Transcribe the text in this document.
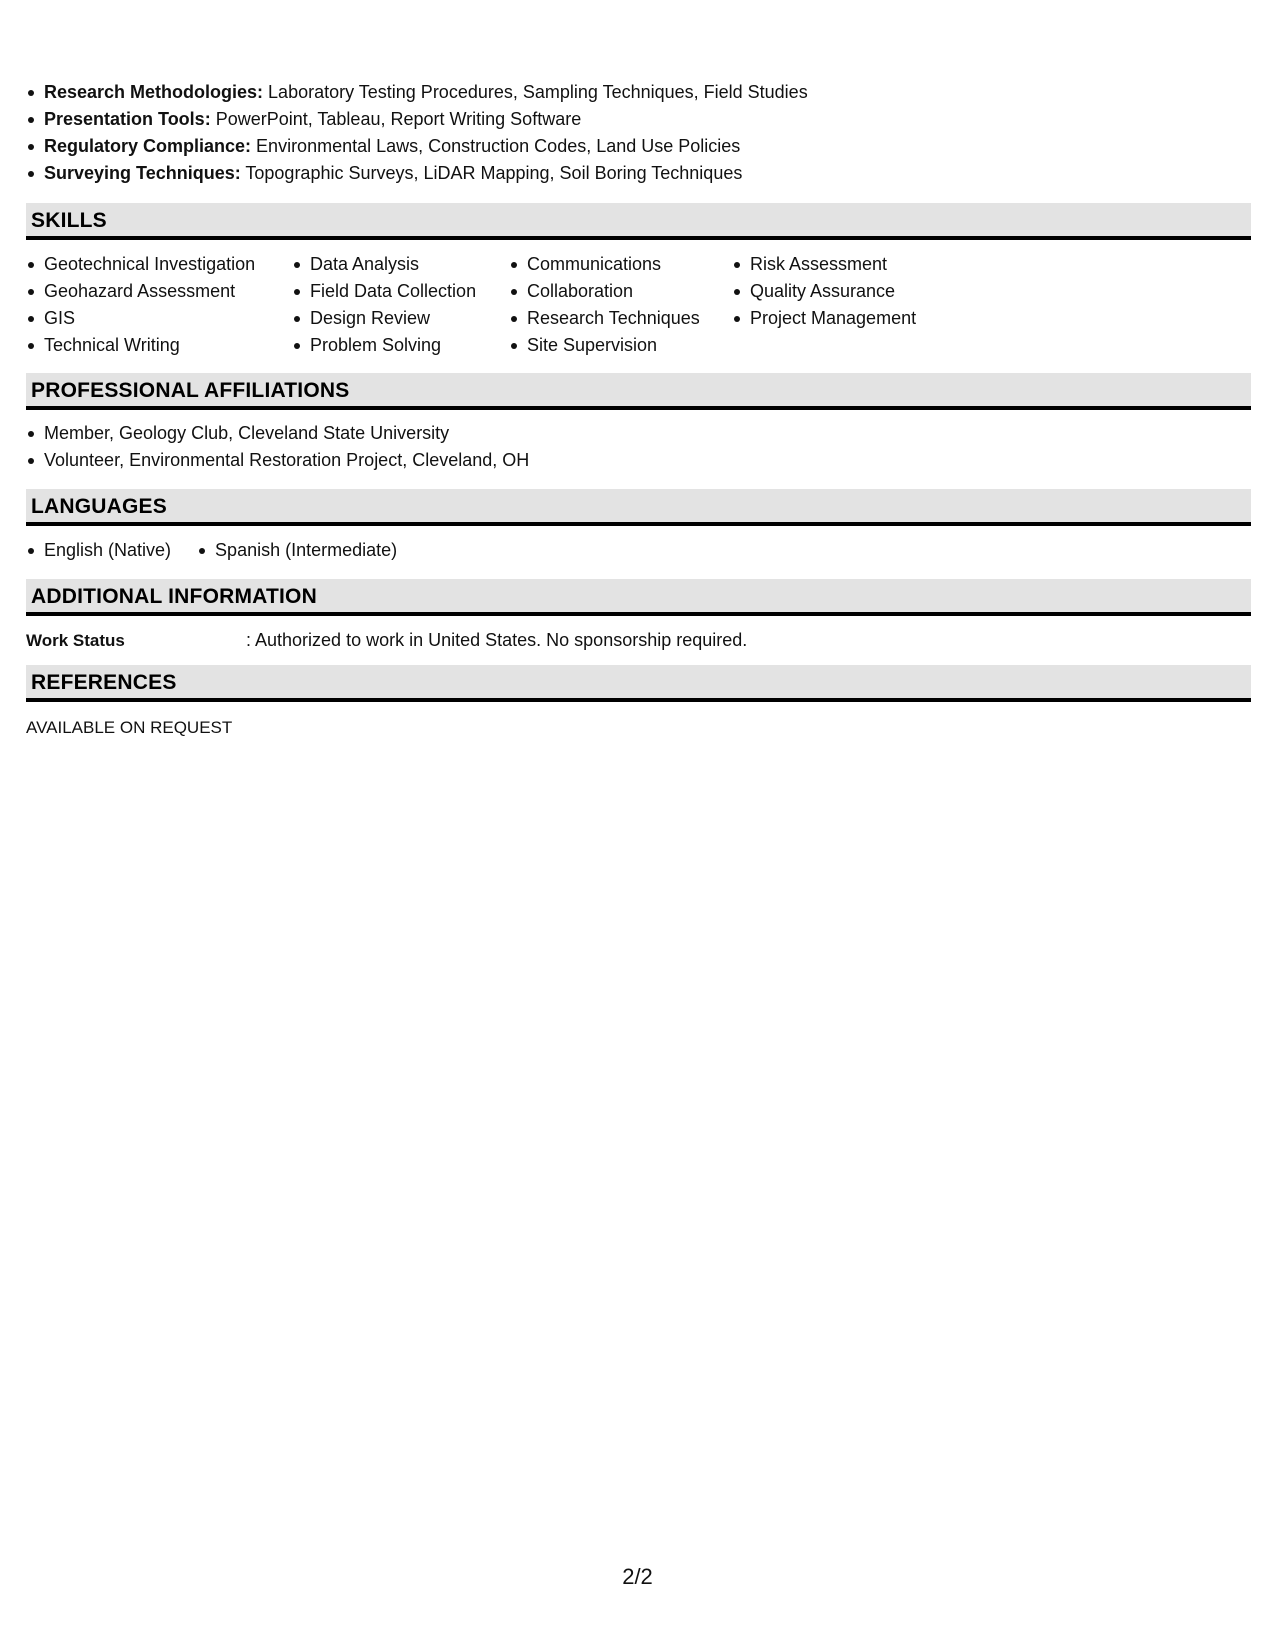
Research Methodologies: Laboratory Testing Procedures, Sampling Techniques, Field Studies
Presentation Tools: PowerPoint, Tableau, Report Writing Software
Regulatory Compliance: Environmental Laws, Construction Codes, Land Use Policies
Surveying Techniques: Topographic Surveys, LiDAR Mapping, Soil Boring Techniques
SKILLS
Geotechnical Investigation
Geohazard Assessment
GIS
Technical Writing
Data Analysis
Field Data Collection
Design Review
Problem Solving
Communications
Collaboration
Research Techniques
Site Supervision
Risk Assessment
Quality Assurance
Project Management
PROFESSIONAL AFFILIATIONS
Member, Geology Club, Cleveland State University
Volunteer, Environmental Restoration Project, Cleveland, OH
LANGUAGES
English (Native)	Spanish (Intermediate)
ADDITIONAL INFORMATION
Work Status	: Authorized to work in United States. No sponsorship required.
REFERENCES
AVAILABLE ON REQUEST
2/2
